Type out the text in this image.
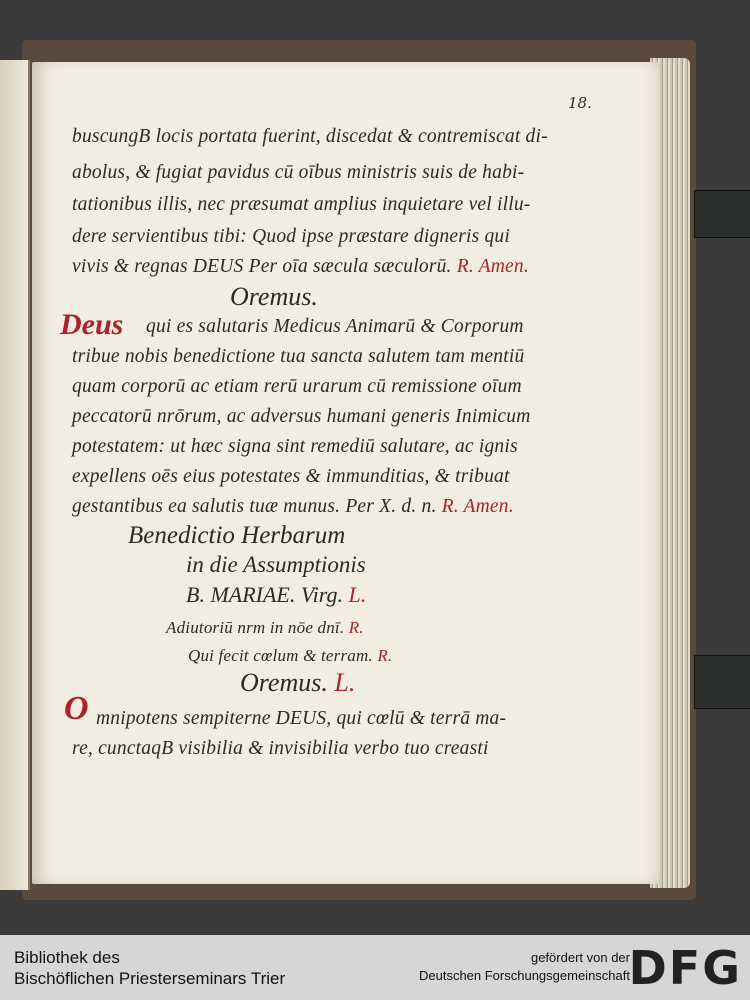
18.
buscungB locis portata fuerint, discedat & contremiscat di-
abolus, & fugiat pavidus cū oībus ministris suis de habi-
tationibus illis, nec præsumat amplius inquietare vel illu-
dere servientibus tibi: Quod ipse præstare digneris qui
vivis & regnas DEUS Per oīa sæcula sæculorū. R. Amen.
Oremus.
Deus qui es salutaris Medicus Animarū & Corporum
tribue nobis benedictione tua sancta salutem tam mentiū
quam corporū ac etiam rerū urarum cū remissione oīum
peccatorū nrōrum, ac adversus humani generis Inimicum
potestatem: ut hæc signa sint remediū salutare, ac ignis
expellens oēs eius potestates & immunditias, & tribuat
gestantibus ea salutis tuæ munus. Per X. d. n. R. Amen.
Benedictio Herbarum
in die Assumptionis
B. MARIAE. Virg. L.
Adiutoriū nrm in nōe dnī. R.
Qui fecit cœlum & terram. R.
Oremus. L.
O mnipotens sempiterne DEUS, qui cœlū & terrā ma-
re, cunctaqB visibilia & invisibilia verbo tuo creasti
Bibliothek des
Bischöflichen Priesterseminars Trier
gefördert von der
Deutschen Forschungsgemeinschaft
DFG
